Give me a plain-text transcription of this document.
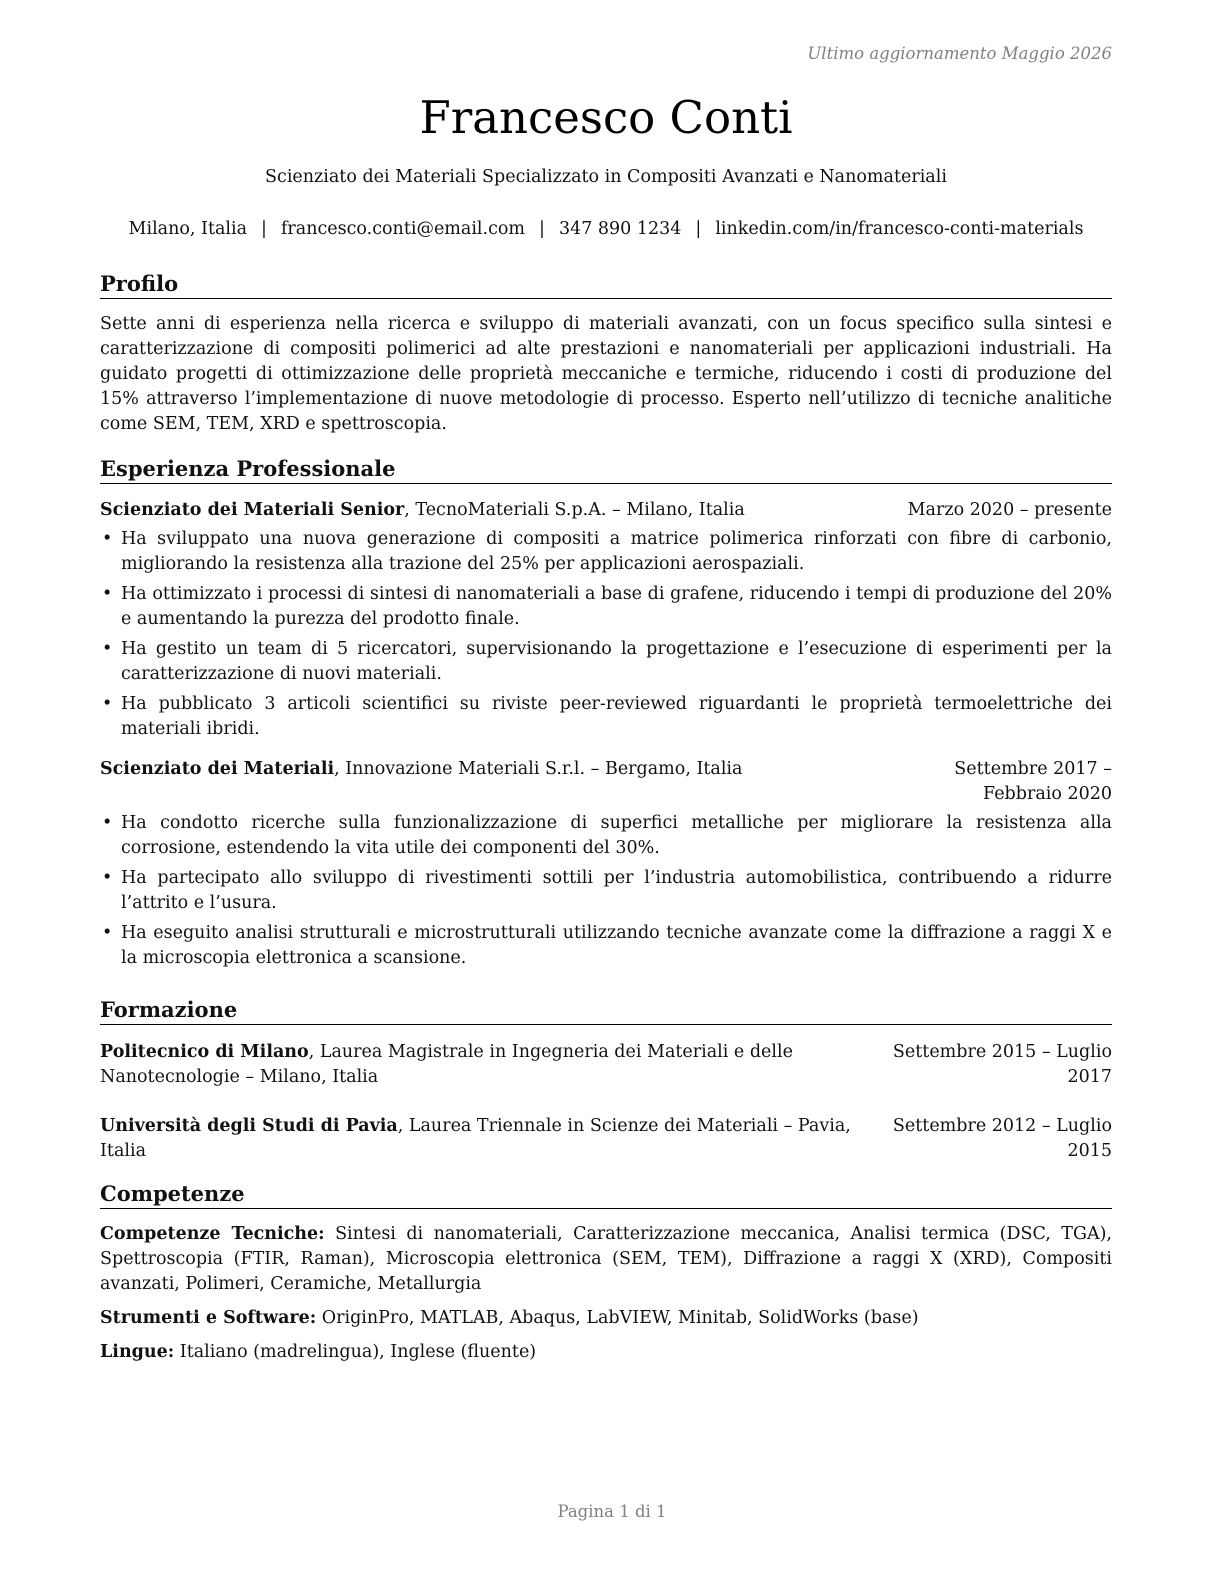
Ultimo aggiornamento Maggio 2026
Francesco Conti
Scienziato dei Materiali Specializzato in Compositi Avanzati e Nanomateriali
Milano, Italia | francesco.conti@email.com | 347 890 1234 | linkedin.com/in/francesco-conti-materials
Profilo
Sette anni di esperienza nella ricerca e sviluppo di materiali avanzati, con un focus specifico sulla sintesi e caratterizzazione di compositi polimerici ad alte prestazioni e nanomateriali per applicazioni industriali. Ha guidato progetti di ottimizzazione delle proprietà meccaniche e termiche, riducendo i costi di produzione del 15% attraverso l’implementazione di nuove metodologie di processo. Esperto nell’utilizzo di tecniche analitiche come SEM, TEM, XRD e spettroscopia.
Esperienza Professionale
Scienziato dei Materiali Senior, TecnoMateriali S.p.A. – Milano, Italia	Marzo 2020 – presente
• Ha sviluppato una nuova generazione di compositi a matrice polimerica rinforzati con fibre di carbonio, migliorando la resistenza alla trazione del 25% per applicazioni aerospaziali.
• Ha ottimizzato i processi di sintesi di nanomateriali a base di grafene, riducendo i tempi di produzione del 20% e aumentando la purezza del prodotto finale.
• Ha gestito un team di 5 ricercatori, supervisionando la progettazione e l’esecuzione di esperimenti per la caratterizzazione di nuovi materiali.
• Ha pubblicato 3 articoli scientifici su riviste peer-reviewed riguardanti le proprietà termoelettriche dei materiali ibridi.
Scienziato dei Materiali, Innovazione Materiali S.r.l. – Bergamo, Italia	Settembre 2017 – Febbraio 2020
• Ha condotto ricerche sulla funzionalizzazione di superfici metalliche per migliorare la resistenza alla corrosione, estendendo la vita utile dei componenti del 30%.
• Ha partecipato allo sviluppo di rivestimenti sottili per l’industria automobilistica, contribuendo a ridurre l’attrito e l’usura.
• Ha eseguito analisi strutturali e microstrutturali utilizzando tecniche avanzate come la diffrazione a raggi X e la microscopia elettronica a scansione.
Formazione
Politecnico di Milano, Laurea Magistrale in Ingegneria dei Materiali e delle Nanotecnologie – Milano, Italia
Settembre 2015 – Luglio 2017
Università degli Studi di Pavia, Laurea Triennale in Scienze dei Materiali – Pavia, Italia
Settembre 2012 – Luglio 2015
Competenze
Competenze Tecniche: Sintesi di nanomateriali, Caratterizzazione meccanica, Analisi termica (DSC, TGA), Spettroscopia (FTIR, Raman), Microscopia elettronica (SEM, TEM), Diffrazione a raggi X (XRD), Compositi avanzati, Polimeri, Ceramiche, Metallurgia
Strumenti e Software: OriginPro, MATLAB, Abaqus, LabVIEW, Minitab, SolidWorks (base)
Lingue: Italiano (madrelingua), Inglese (fluente)
Pagina 1 di 1
